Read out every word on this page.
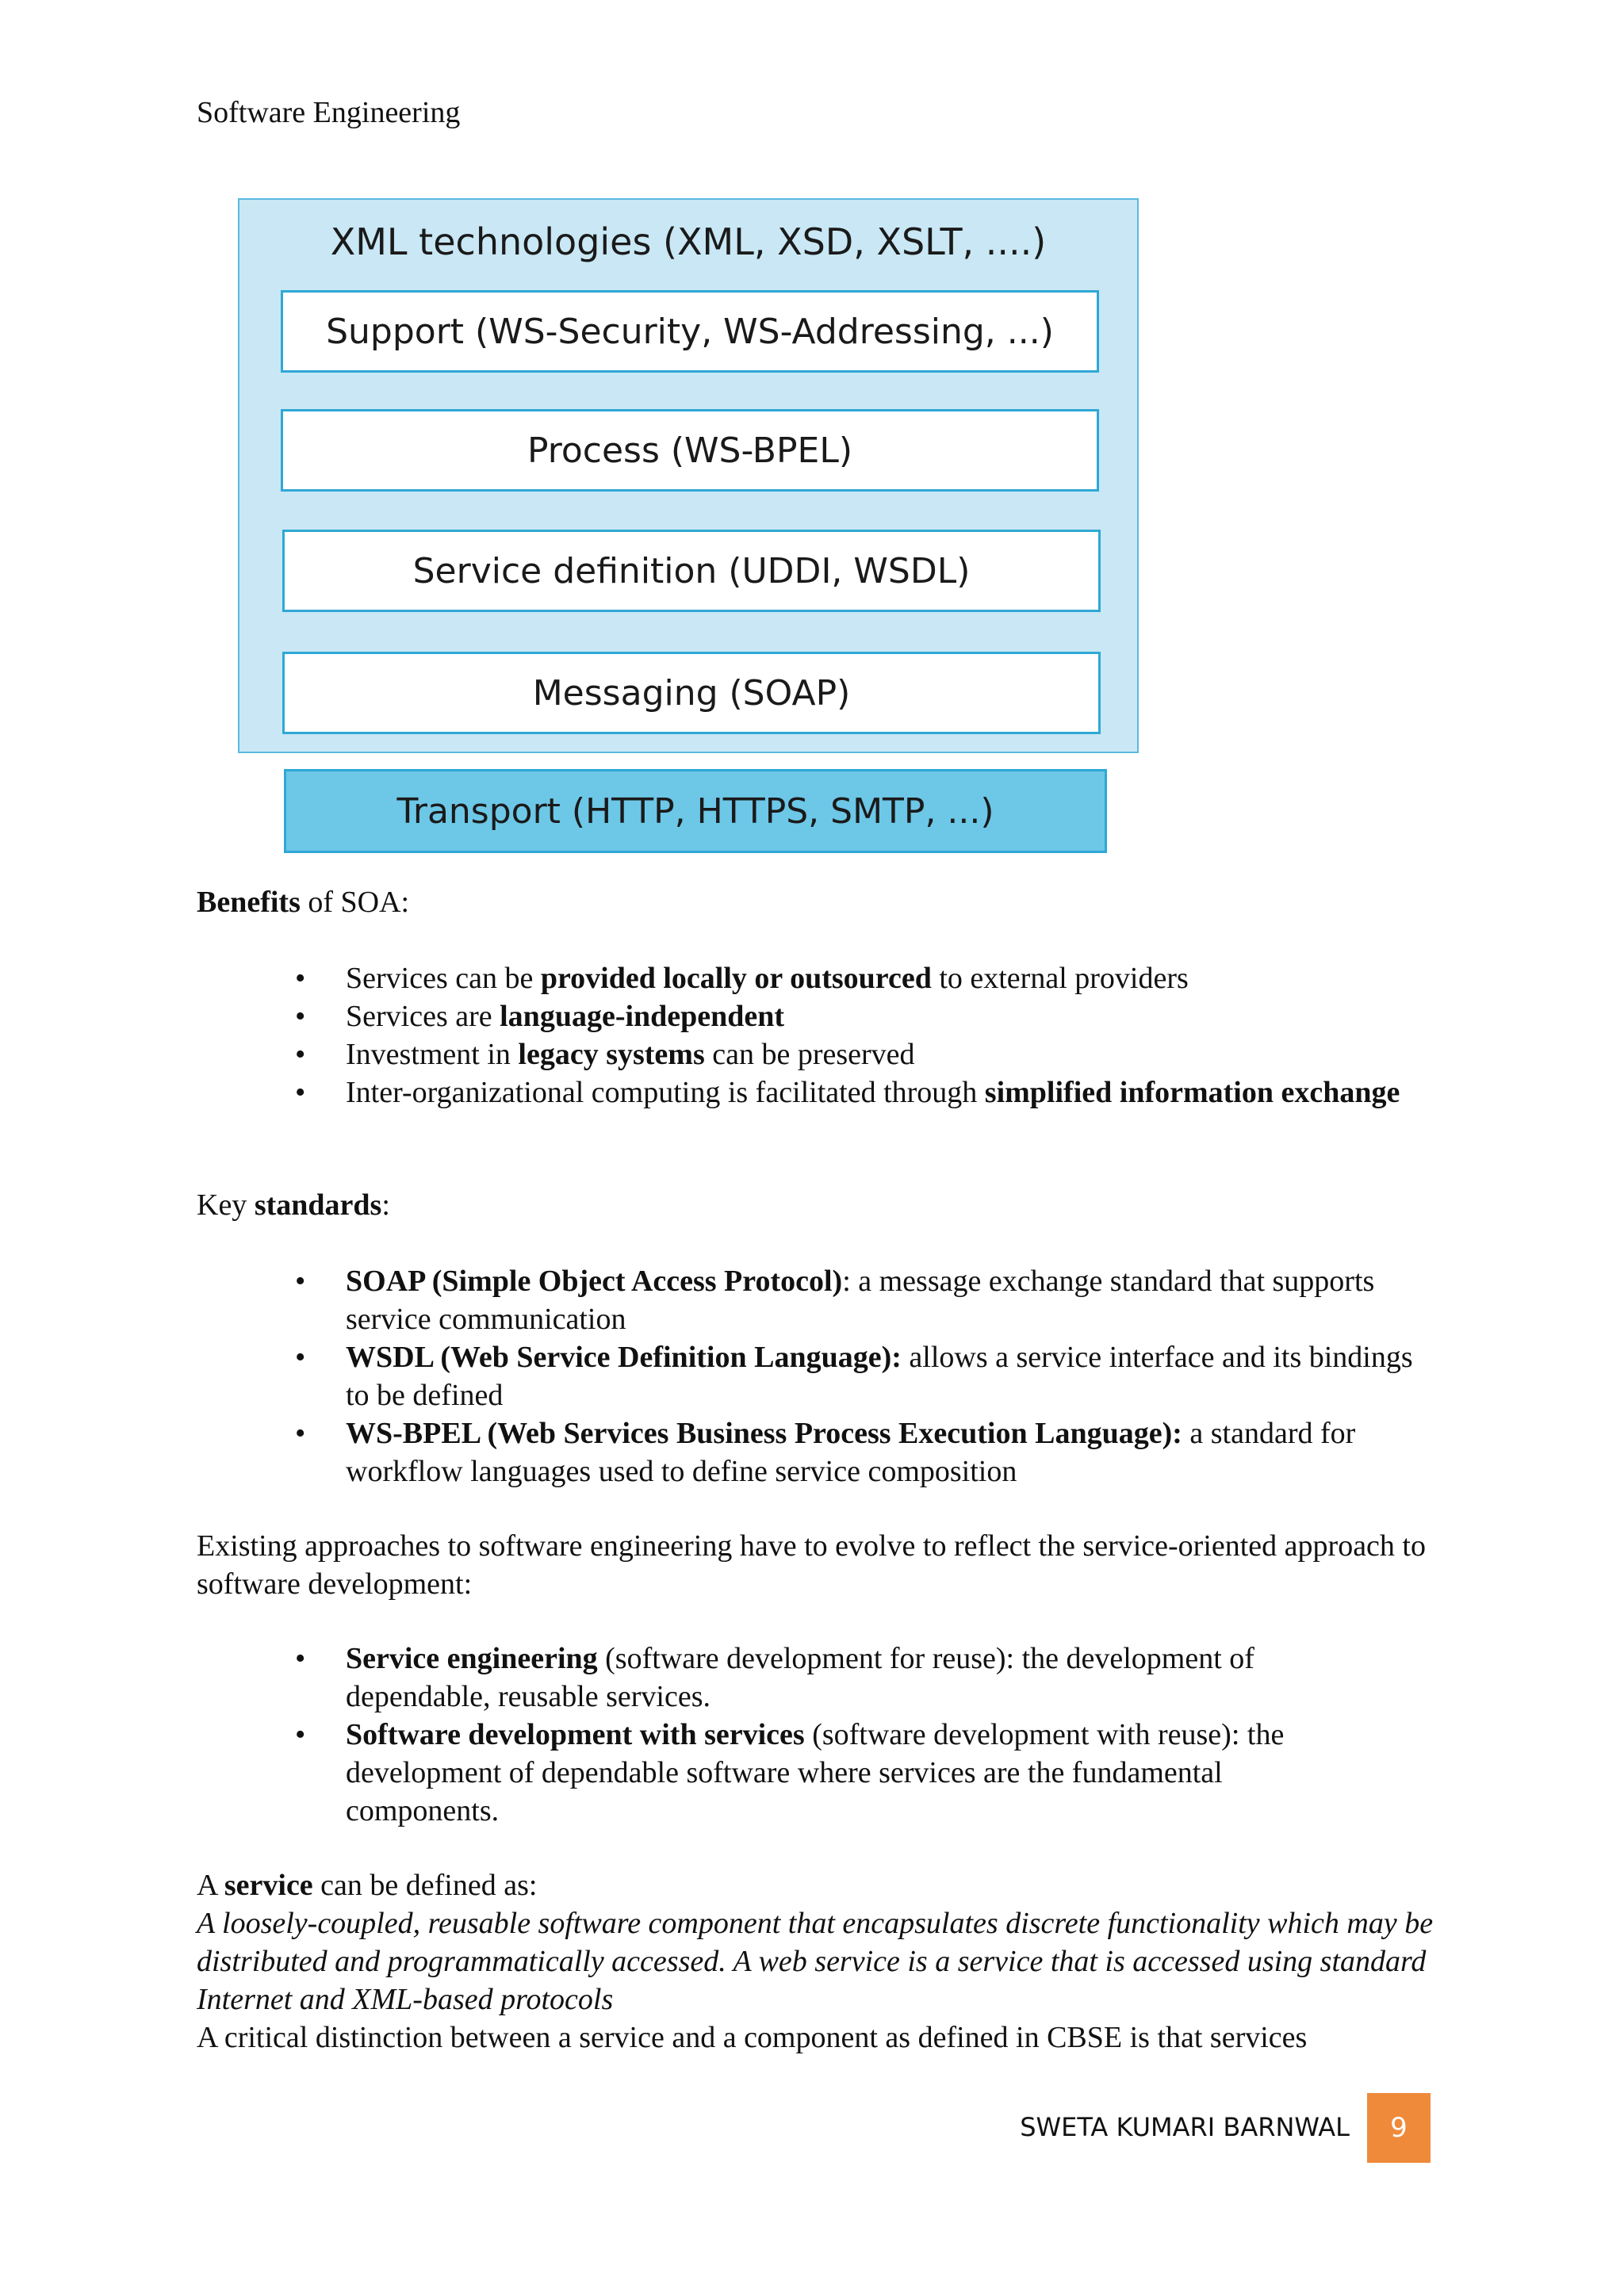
Software Engineering
XML technologies (XML, XSD, XSLT, ....)
Support (WS-Security, WS-Addressing, ...)
Process (WS-BPEL)
Service definition (UDDI, WSDL)
Messaging (SOAP)
Transport (HTTP, HTTPS, SMTP, ...)
Benefits of SOA:
• Services can be provided locally or outsourced to external providers
• Services are language-independent
• Investment in legacy systems can be preserved
• Inter-organizational computing is facilitated through simplified information exchange
Key standards:
• SOAP (Simple Object Access Protocol): a message exchange standard that supports service communication
• WSDL (Web Service Definition Language): allows a service interface and its bindings to be defined
• WS-BPEL (Web Services Business Process Execution Language): a standard for workflow languages used to define service composition
Existing approaches to software engineering have to evolve to reflect the service-oriented approach to software development:
• Service engineering (software development for reuse): the development of dependable, reusable services.
• Software development with services (software development with reuse): the development of dependable software where services are the fundamental components.
A service can be defined as:
A loosely-coupled, reusable software component that encapsulates discrete functionality which may be distributed and programmatically accessed. A web service is a service that is accessed using standard Internet and XML-based protocols
A critical distinction between a service and a component as defined in CBSE is that services
SWETA KUMARI BARNWAL	9
